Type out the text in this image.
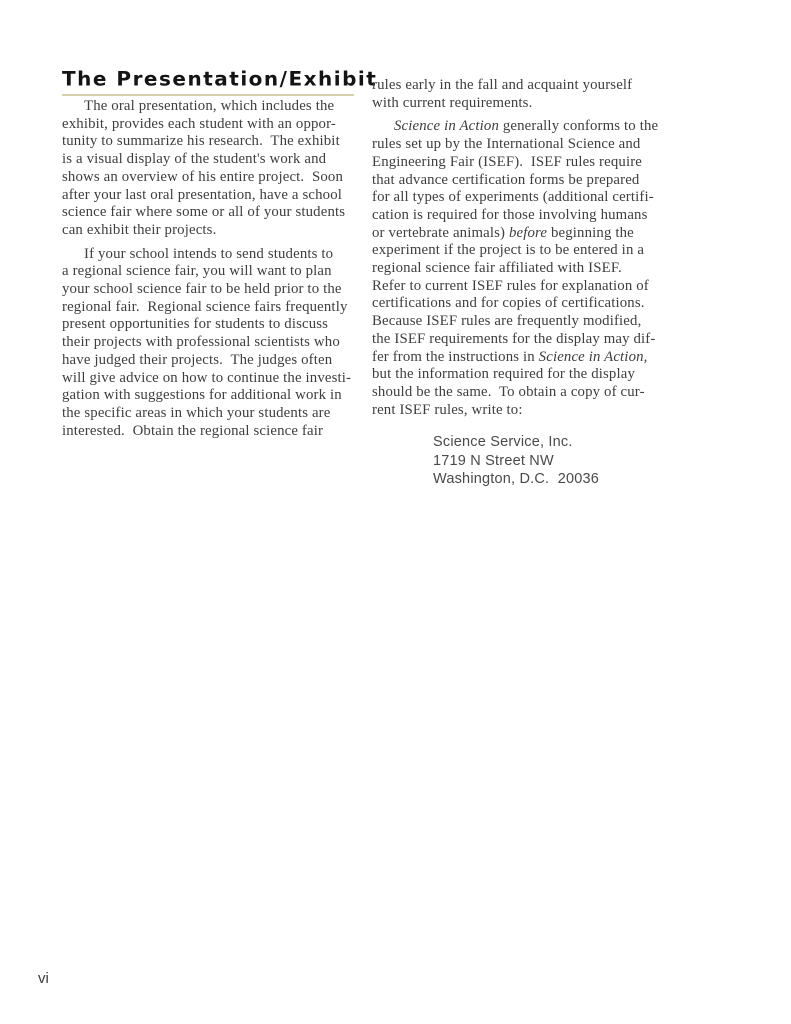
The Presentation/Exhibit
The oral presentation, which includes the
exhibit, provides each student with an oppor-
tunity to summarize his research.  The exhibit
is a visual display of the student's work and
shows an overview of his entire project.  Soon
after your last oral presentation, have a school
science fair where some or all of your students
can exhibit their projects.
If your school intends to send students to
a regional science fair, you will want to plan
your school science fair to be held prior to the
regional fair.  Regional science fairs frequently
present opportunities for students to discuss
their projects with professional scientists who
have judged their projects.  The judges often
will give advice on how to continue the investi-
gation with suggestions for additional work in
the specific areas in which your students are
interested.  Obtain the regional science fair
rules early in the fall and acquaint yourself
with current requirements.
Science in Action generally conforms to the
rules set up by the International Science and
Engineering Fair (ISEF).  ISEF rules require
that advance certification forms be prepared
for all types of experiments (additional certifi-
cation is required for those involving humans
or vertebrate animals) before beginning the
experiment if the project is to be entered in a
regional science fair affiliated with ISEF.
Refer to current ISEF rules for explanation of
certifications and for copies of certifications.
Because ISEF rules are frequently modified,
the ISEF requirements for the display may dif-
fer from the instructions in Science in Action,
but the information required for the display
should be the same.  To obtain a copy of cur-
rent ISEF rules, write to:
Science Service, Inc.
1719 N Street NW
Washington, D.C.  20036
vi
